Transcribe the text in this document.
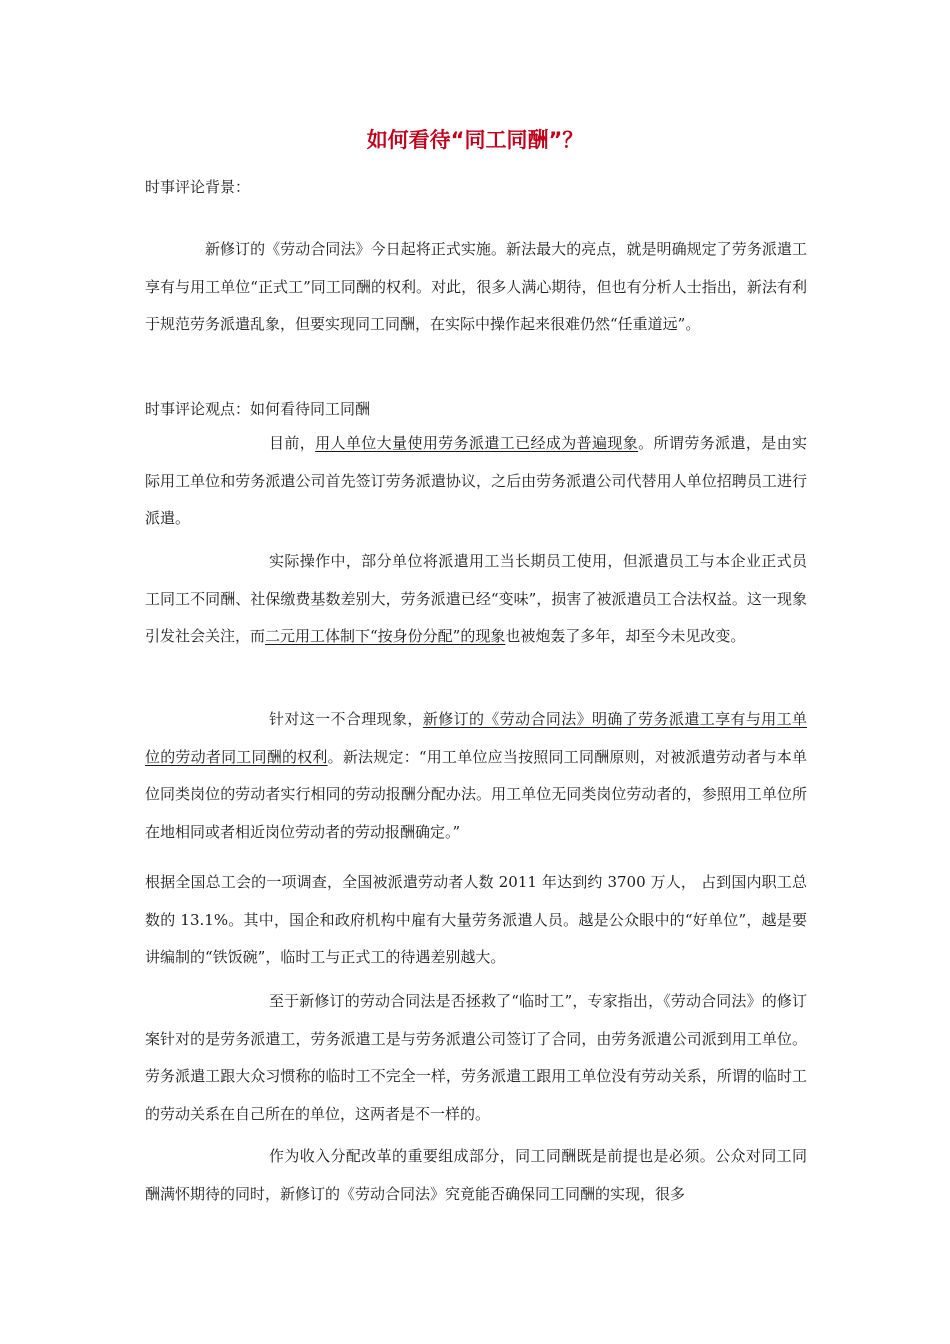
如何看待“同工同酬”？
时事评论背景：
新修订的《劳动合同法》今日起将正式实施。新法最大的亮点，就是明确规定了劳务派遣工享有与用工单位“正式工”同工同酬的权利。对此，很多人满心期待，但也有分析人士指出，新法有利于规范劳务派遣乱象，但要实现同工同酬，在实际中操作起来很难仍然“任重道远”。
时事评论观点：如何看待同工同酬
目前，用人单位大量使用劳务派遣工已经成为普遍现象。所谓劳务派遣，是由实际用工单位和劳务派遣公司首先签订劳务派遣协议，之后由劳务派遣公司代替用人单位招聘员工进行派遣。
实际操作中，部分单位将派遣用工当长期员工使用，但派遣员工与本企业正式员工同工不同酬、社保缴费基数差别大，劳务派遣已经“变味”，损害了被派遣员工合法权益。这一现象引发社会关注，而二元用工体制下“按身份分配”的现象也被炮轰了多年，却至今未见改变。
针对这一不合理现象，新修订的《劳动合同法》明确了劳务派遣工享有与用工单位的劳动者同工同酬的权利。新法规定：“用工单位应当按照同工同酬原则，对被派遣劳动者与本单位同类岗位的劳动者实行相同的劳动报酬分配办法。用工单位无同类岗位劳动者的，参照用工单位所在地相同或者相近岗位劳动者的劳动报酬确定。”
根据全国总工会的一项调查，全国被派遣劳动者人数 2011 年达到约 3700 万人， 占到国内职工总数的 13.1%。其中，国企和政府机构中雇有大量劳务派遣人员。越是公众眼中的“好单位”，越是要讲编制的“铁饭碗”，临时工与正式工的待遇差别越大。
至于新修订的劳动合同法是否拯救了“临时工”，专家指出，《劳动合同法》的修订案针对的是劳务派遣工，劳务派遣工是与劳务派遣公司签订了合同，由劳务派遣公司派到用工单位。劳务派遣工跟大众习惯称的临时工不完全一样，劳务派遣工跟用工单位没有劳动关系，所谓的临时工的劳动关系在自己所在的单位，这两者是不一样的。
作为收入分配改革的重要组成部分，同工同酬既是前提也是必须。公众对同工同酬满怀期待的同时，新修订的《劳动合同法》究竟能否确保同工同酬的实现，很多
